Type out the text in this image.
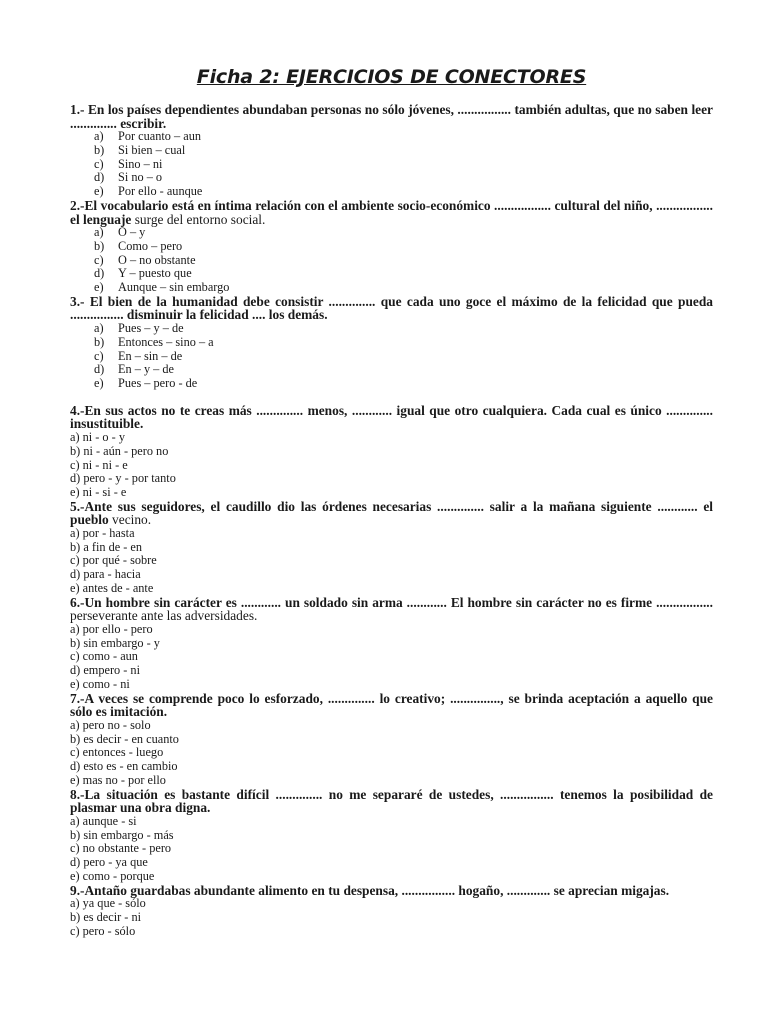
Ficha 2: EJERCICIOS DE CONECTORES

1.- En los países dependientes abundaban personas no sólo jóvenes, ................ también adultas, que no saben leer .............. escribir.

a) Por cuanto – aun
b) Si bien – cual
c) Sino – ni
d) Si no – o
e) Por ello - aunque

2.-El vocabulario está en íntima relación con el ambiente socio-económico ................. cultural del niño, ................. el lenguaje surge del entorno social.

a) O – y
b) Como – pero
c) O – no obstante
d) Y – puesto que
e) Aunque – sin embargo

3.- El bien de la humanidad debe consistir .............. que cada uno goce el máximo de la felicidad que pueda ................ disminuir la felicidad .... los demás.

a) Pues – y – de
b) Entonces – sino – a
c) En – sin – de
d) En – y – de
e) Pues – pero - de

4.-En sus actos no te creas más .............. menos, ............ igual que otro cualquiera. Cada cual es único .............. insustituible.

a) ni - o - y
b) ni - aún - pero no
c) ni - ni - e
d) pero - y - por tanto
e) ni - si - e

5.-Ante sus seguidores, el caudillo dio las órdenes necesarias .............. salir a la mañana siguiente ............ el pueblo vecino.

a) por - hasta
b) a fin de - en
c) por qué - sobre
d) para - hacia
e) antes de - ante

6.-Un hombre sin carácter es ............ un soldado sin arma ............ El hombre sin carácter no es firme ................. perseverante ante las adversidades.

a) por ello - pero
b) sin embargo - y
c) como - aun
d) empero - ni
e) como - ni

7.-A veces se comprende poco lo esforzado, .............. lo creativo; ..............., se brinda aceptación a aquello que sólo es imitación.

a) pero no - solo
b) es decir - en cuanto
c) entonces - luego
d) esto es - en cambio
e) mas no - por ello

8.-La situación es bastante difícil .............. no me separaré de ustedes, ................ tenemos la posibilidad de plasmar una obra digna.

a) aunque - si
b) sin embargo - más
c) no obstante - pero
d) pero - ya que
e) como - porque

9.-Antaño guardabas abundante alimento en tu despensa, ................ hogaño, ............. se aprecian migajas.

a) ya que - sólo
b) es decir - ni
c) pero - sólo
